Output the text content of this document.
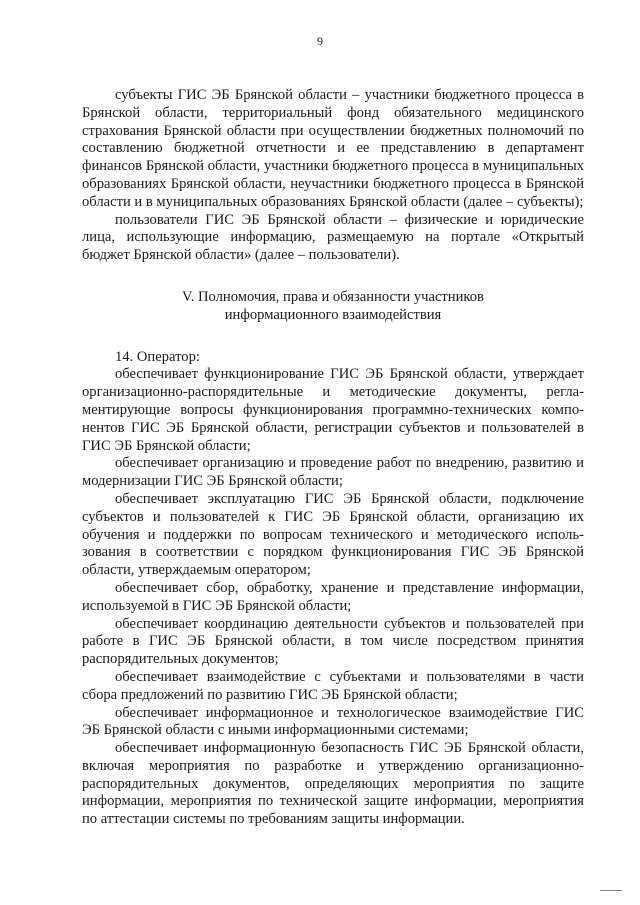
9

субъекты ГИС ЭБ Брянской области – участники бюджетного процесса в Брянской области, территориальный фонд обязательного медицинского страхования Брянской области при осуществлении бюджетных полномочий по составлению бюджетной отчетности и ее представлению в департамент финансов Брянской области, участники бюджетного процесса в муниципальных образованиях Брянской области, неучастники бюджетного процесса в Брянской области и в муниципальных образованиях Брянской области (далее – субъекты);

пользователи ГИС ЭБ Брянской области – физические и юридические лица, использующие информацию, размещаемую на портале «Открытый бюджет Брянской области» (далее – пользователи).

V. Полномочия, права и обязанности участников
информационного взаимодействия

14. Оператор:

обеспечивает функционирование ГИС ЭБ Брянской области, утверждает организационно-распорядительные и методические документы, регламентирующие вопросы функционирования программно-технических компонентов ГИС ЭБ Брянской области, регистрации субъектов и пользователей в ГИС ЭБ Брянской области;

обеспечивает организацию и проведение работ по внедрению, развитию и модернизации ГИС ЭБ Брянской области;

обеспечивает эксплуатацию ГИС ЭБ Брянской области, подключение субъектов и пользователей к ГИС ЭБ Брянской области, организацию их обучения и поддержки по вопросам технического и методического использования в соответствии с порядком функционирования ГИС ЭБ Брянской области, утверждаемым оператором;

обеспечивает сбор, обработку, хранение и представление информации, используемой в ГИС ЭБ Брянской области;

обеспечивает координацию деятельности субъектов и пользователей при работе в ГИС ЭБ Брянской области, в том числе посредством принятия распорядительных документов;

обеспечивает взаимодействие с субъектами и пользователями в части сбора предложений по развитию ГИС ЭБ Брянской области;

обеспечивает информационное и технологическое взаимодействие ГИС ЭБ Брянской области с иными информационными системами;

обеспечивает информационную безопасность ГИС ЭБ Брянской области, включая мероприятия по разработке и утверждению организационно-распорядительных документов, определяющих мероприятия по защите информации, мероприятия по технической защите информации, мероприятия по аттестации системы по требованиям защиты информации.
